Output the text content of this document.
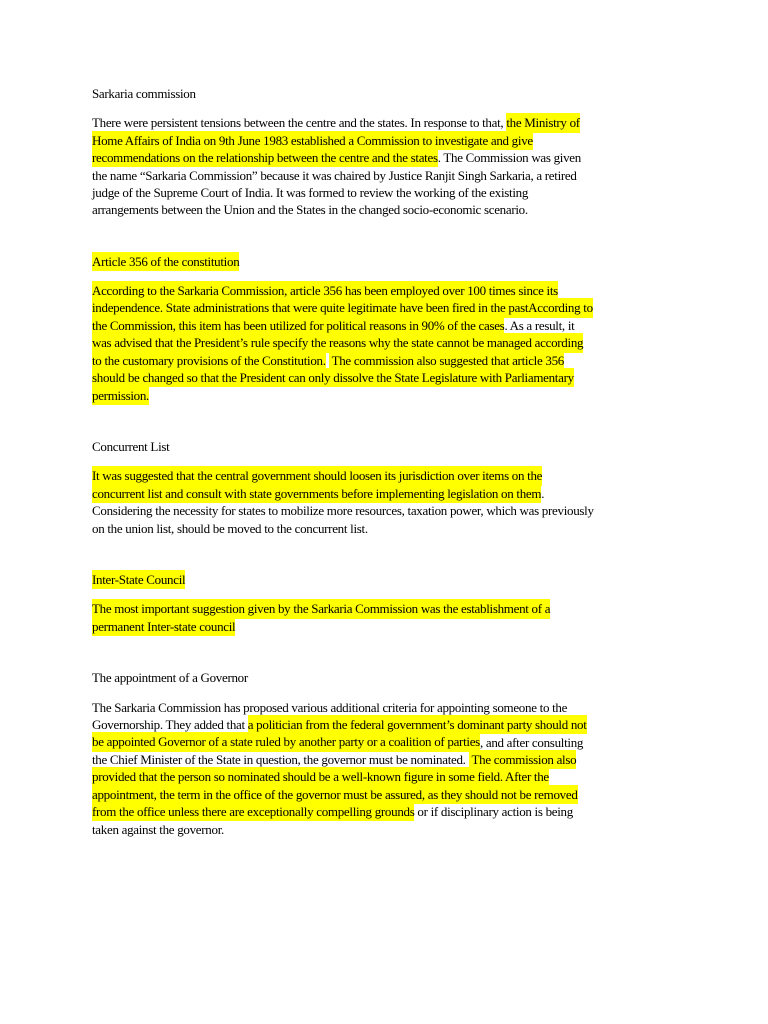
Sarkaria commission
There were persistent tensions between the centre and the states. In response to that, the Ministry of
Home Affairs of India on 9th June 1983 established a Commission to investigate and give
recommendations on the relationship between the centre and the states. The Commission was given
the name “Sarkaria Commission” because it was chaired by Justice Ranjit Singh Sarkaria, a retired
judge of the Supreme Court of India. It was formed to review the working of the existing
arrangements between the Union and the States in the changed socio-economic scenario.
Article 356 of the constitution
According to the Sarkaria Commission, article 356 has been employed over 100 times since its
independence. State administrations that were quite legitimate have been fired in the pastAccording to
the Commission, this item has been utilized for political reasons in 90% of the cases. As a result, it
was advised that the President’s rule specify the reasons why the state cannot be managed according
to the customary provisions of the Constitution.  The commission also suggested that article 356
should be changed so that the President can only dissolve the State Legislature with Parliamentary
permission.
Concurrent List
It was suggested that the central government should loosen its jurisdiction over items on the
concurrent list and consult with state governments before implementing legislation on them.
Considering the necessity for states to mobilize more resources, taxation power, which was previously
on the union list, should be moved to the concurrent list.
Inter-State Council
The most important suggestion given by the Sarkaria Commission was the establishment of a
permanent Inter-state council
The appointment of a Governor
The Sarkaria Commission has proposed various additional criteria for appointing someone to the
Governorship. They added that a politician from the federal government’s dominant party should not
be appointed Governor of a state ruled by another party or a coalition of parties, and after consulting
the Chief Minister of the State in question, the governor must be nominated.  The commission also
provided that the person so nominated should be a well-known figure in some field. After the
appointment, the term in the office of the governor must be assured, as they should not be removed
from the office unless there are exceptionally compelling grounds or if disciplinary action is being
taken against the governor.
